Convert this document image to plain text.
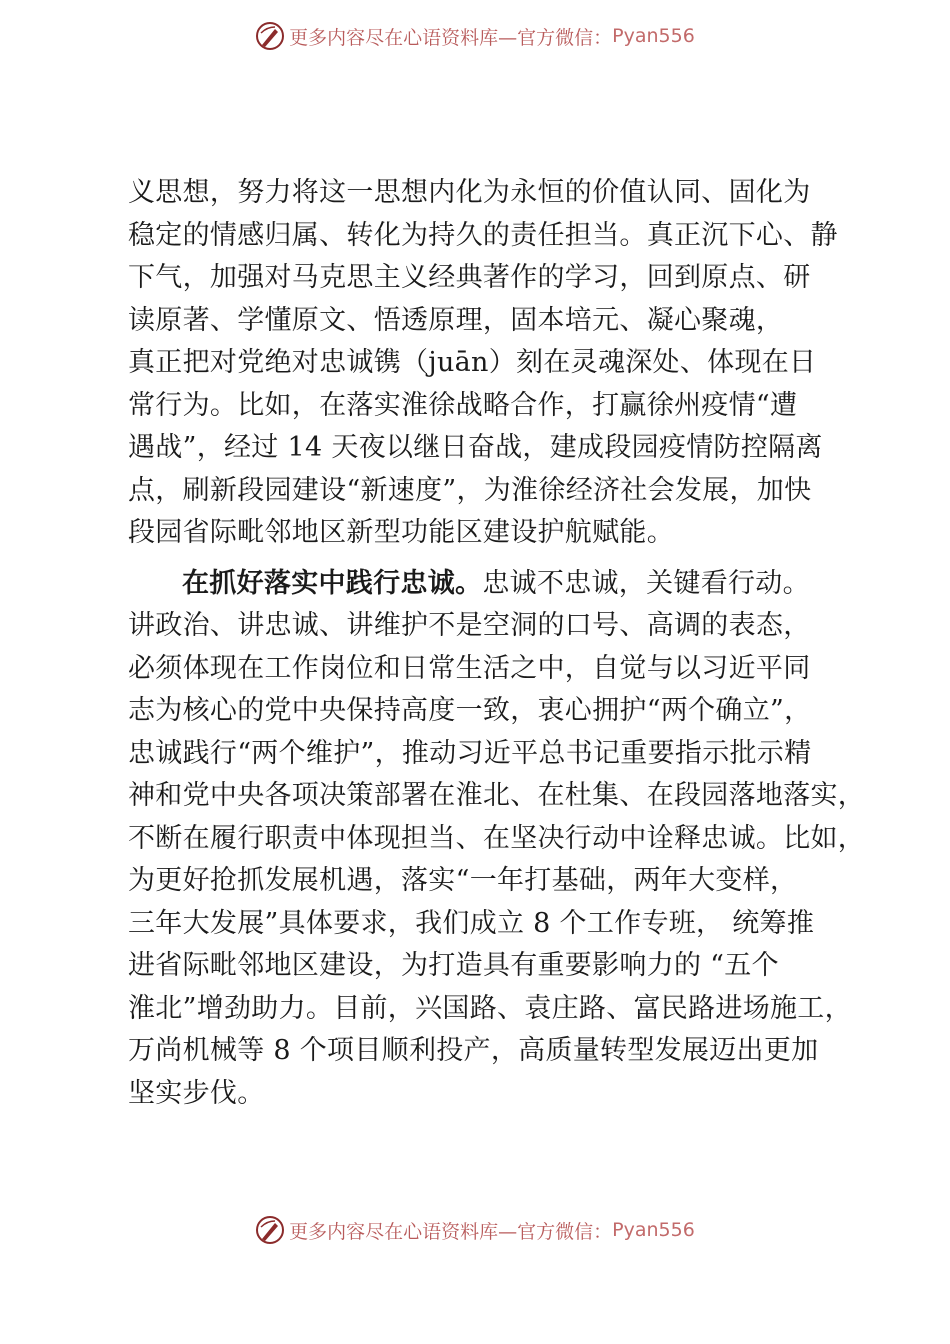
更多内容尽在心语资料库—官方微信： Pyan556
义思想，努力将这一思想内化为永恒的价值认同、固化为
稳定的情感归属、转化为持久的责任担当。真正沉下心、静
下气，加强对马克思主义经典著作的学习，回到原点、研
读原著、学懂原文、悟透原理，固本培元、凝心聚魂，
真正把对党绝对忠诚镌（juān）刻在灵魂深处、体现在日
常行为。比如，在落实淮徐战略合作，打赢徐州疫情“遭
遇战”，经过 14 天夜以继日奋战，建成段园疫情防控隔离
点，刷新段园建设“新速度”，为淮徐经济社会发展，加快
段园省际毗邻地区新型功能区建设护航赋能。
在抓好落实中践行忠诚。忠诚不忠诚，关键看行动。
讲政治、讲忠诚、讲维护不是空洞的口号、高调的表态，
必须体现在工作岗位和日常生活之中，自觉与以习近平同
志为核心的党中央保持高度一致，衷心拥护“两个确立”，
忠诚践行“两个维护”，推动习近平总书记重要指示批示精
神和党中央各项决策部署在淮北、在杜集、在段园落地落实，
不断在履行职责中体现担当、在坚决行动中诠释忠诚。比如，
为更好抢抓发展机遇，落实“一年打基础，两年大变样，
三年大发展”具体要求，我们成立 8 个工作专班， 统筹推
进省际毗邻地区建设，为打造具有重要影响力的 “五个
淮北”增劲助力。目前，兴国路、袁庄路、富民路进场施工，
万尚机械等 8 个项目顺利投产，高质量转型发展迈出更加
坚实步伐。
更多内容尽在心语资料库—官方微信： Pyan556
